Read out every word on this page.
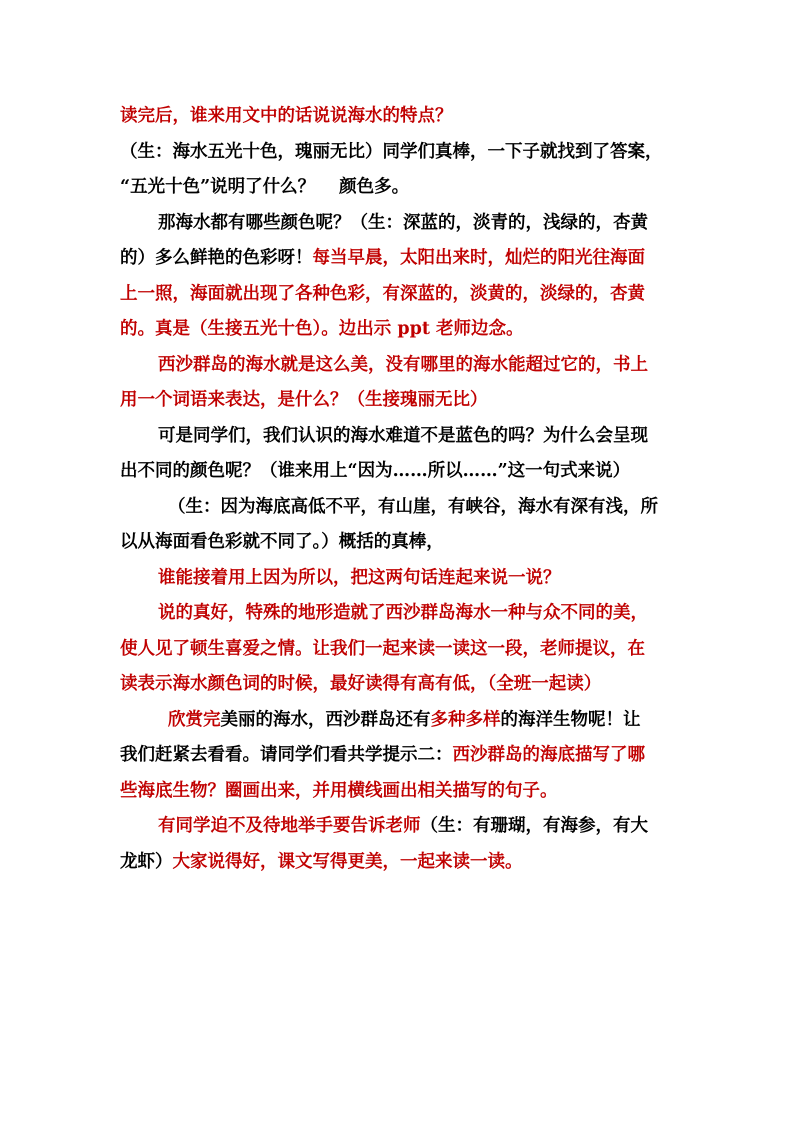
读完后，谁来用文中的话说说海水的特点？

（生：海水五光十色，瑰丽无比）同学们真棒，一下子就找到了答案，
“五光十色”说明了什么？ 颜色多。

那海水都有哪些颜色呢？（生：深蓝的，淡青的，浅绿的，杏黄
的）多么鲜艳的色彩呀！每当早晨，太阳出来时，灿烂的阳光往海面
上一照，海面就出现了各种色彩，有深蓝的，淡黄的，淡绿的，杏黄
的。真是（生接五光十色）。边出示 ppt 老师边念。

西沙群岛的海水就是这么美，没有哪里的海水能超过它的，书上
用一个词语来表达，是什么？（生接瑰丽无比）

可是同学们，我们认识的海水难道不是蓝色的吗？为什么会呈现
出不同的颜色呢？（谁来用上“因为……所以……”这一句式来说）

（生：因为海底高低不平，有山崖，有峡谷，海水有深有浅，所
以从海面看色彩就不同了。）概括的真棒，

谁能接着用上因为所以，把这两句话连起来说一说？

说的真好，特殊的地形造就了西沙群岛海水一种与众不同的美，
使人见了顿生喜爱之情。让我们一起来读一读这一段，老师提议，在
读表示海水颜色词的时候，最好读得有高有低，（全班一起读）

欣赏完美丽的海水，西沙群岛还有多种多样的海洋生物呢！让
我们赶紧去看看。请同学们看共学提示二：西沙群岛的海底描写了哪
些海底生物？圈画出来，并用横线画出相关描写的句子。

有同学迫不及待地举手要告诉老师（生：有珊瑚，有海参，有大
龙虾）大家说得好，课文写得更美，一起来读一读。
